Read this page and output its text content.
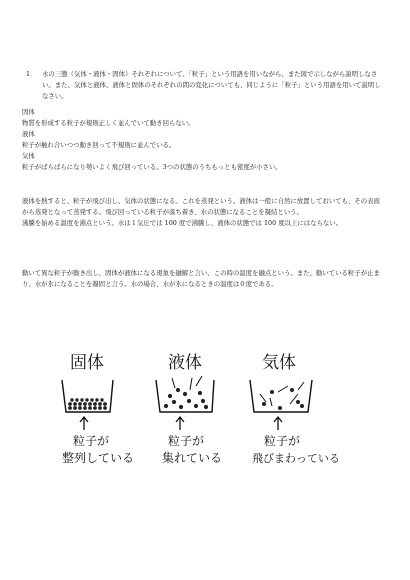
1． 水の三態（気体・液体・固体）それぞれについて、「粒子」という用語を用いながら、また図で示しながら説明しなさい。また、気体と液体、液体と固体のそれぞれの間の変化についても、同じように「粒子」という用語を用いて説明しなさい。
固体
物質を形成する粒子が規則正しく並んでいて動き回らない。
液体
粒子が触れ合いつつ動き回って不規則に並んでいる。
気体
粒子がばらばらになり勢いよく飛び回っている。3つの状態のうちもっとも密度が小さい。
液体を熱すると、粒子が飛び出し、気体の状態になる。これを蒸発という。液体は一般に自然に放置しておいても、その表面から蒸発となって蒸発する。飛び回っている粒子が落ち着き、水の状態になることを凝結という。
沸騰を始める温度を沸点という。水は１気圧では 100 度で沸騰し、液体の状態では 100 度以上にはならない。
動いて異な粒子が動き出し、固体が液体になる現象を融解と言い、この時の温度を融点という。また、動いている粒子が止まり、水が氷になることを凝固と言う。水の場合、水が氷になるときの温度は０度である。
固体
粒子が
整列している
液体
粒子が
集れている
気体
粒子が
飛びまわっている
